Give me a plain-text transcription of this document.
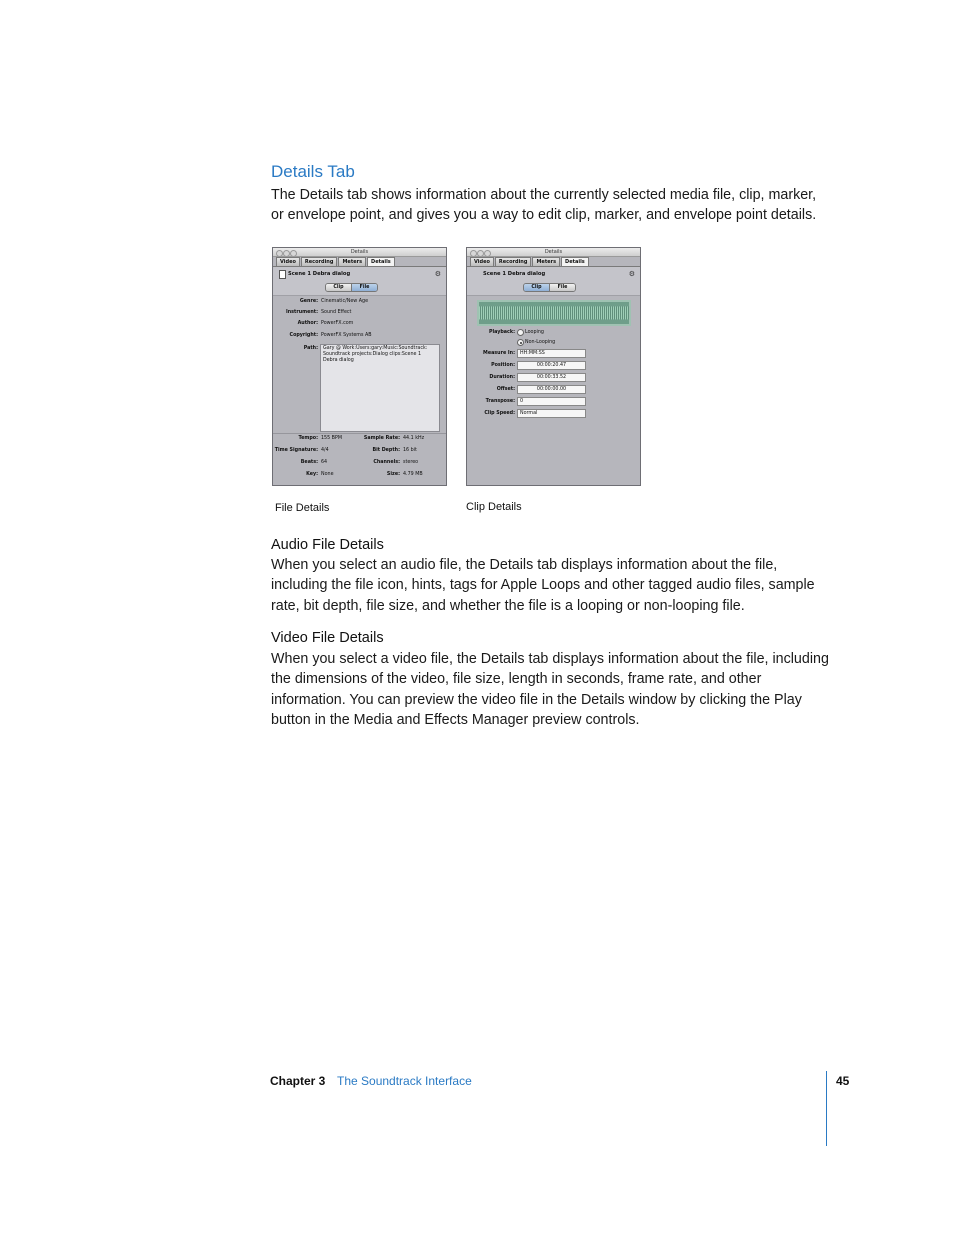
Details Tab
The Details tab shows information about the currently selected media file, clip, marker, or envelope point, and gives you a way to edit clip, marker, and envelope point details.
Details
Video	Recording	Meters	Details
Scene 1 Debra dialog	⚙
Clip	File
Genre: Cinematic/New Age
Instrument: Sound Effect
Author: PowerFX.com
Copyright: PowerFX Systems AB
Path:	Gary @ Work:Users:gary:Music:Soundtrack: Soundtrack projects:Dialog clips:Scene 1 Debra dialog
Tempo: 155 BPM	Sample Rate: 44.1 kHz
Time Signature: 4/4	Bit Depth: 16 bit
Beats: 64	Channels: stereo
Key: None	Size: 4.79 MB
Details
Video	Recording	Meters	Details
Scene 1 Debra dialog	⚙
Clip	File
Playback: Looping
Non-Looping
Measure In:	HH:MM:SS
Position:	00:00:20.47
Duration:	00:00:33.52
Offset:	00:00:00.00
Transpose:	0
Clip Speed:	Normal
File Details	Clip Details
Audio File Details
When you select an audio file, the Details tab displays information about the file, including the file icon, hints, tags for Apple Loops and other tagged audio files, sample rate, bit depth, file size, and whether the file is a looping or non-looping file.
Video File Details
When you select a video file, the Details tab displays information about the file, including the dimensions of the video, file size, length in seconds, frame rate, and other information. You can preview the video file in the Details window by clicking the Play button in the Media and Effects Manager preview controls.
Chapter 3 The Soundtrack Interface	45
